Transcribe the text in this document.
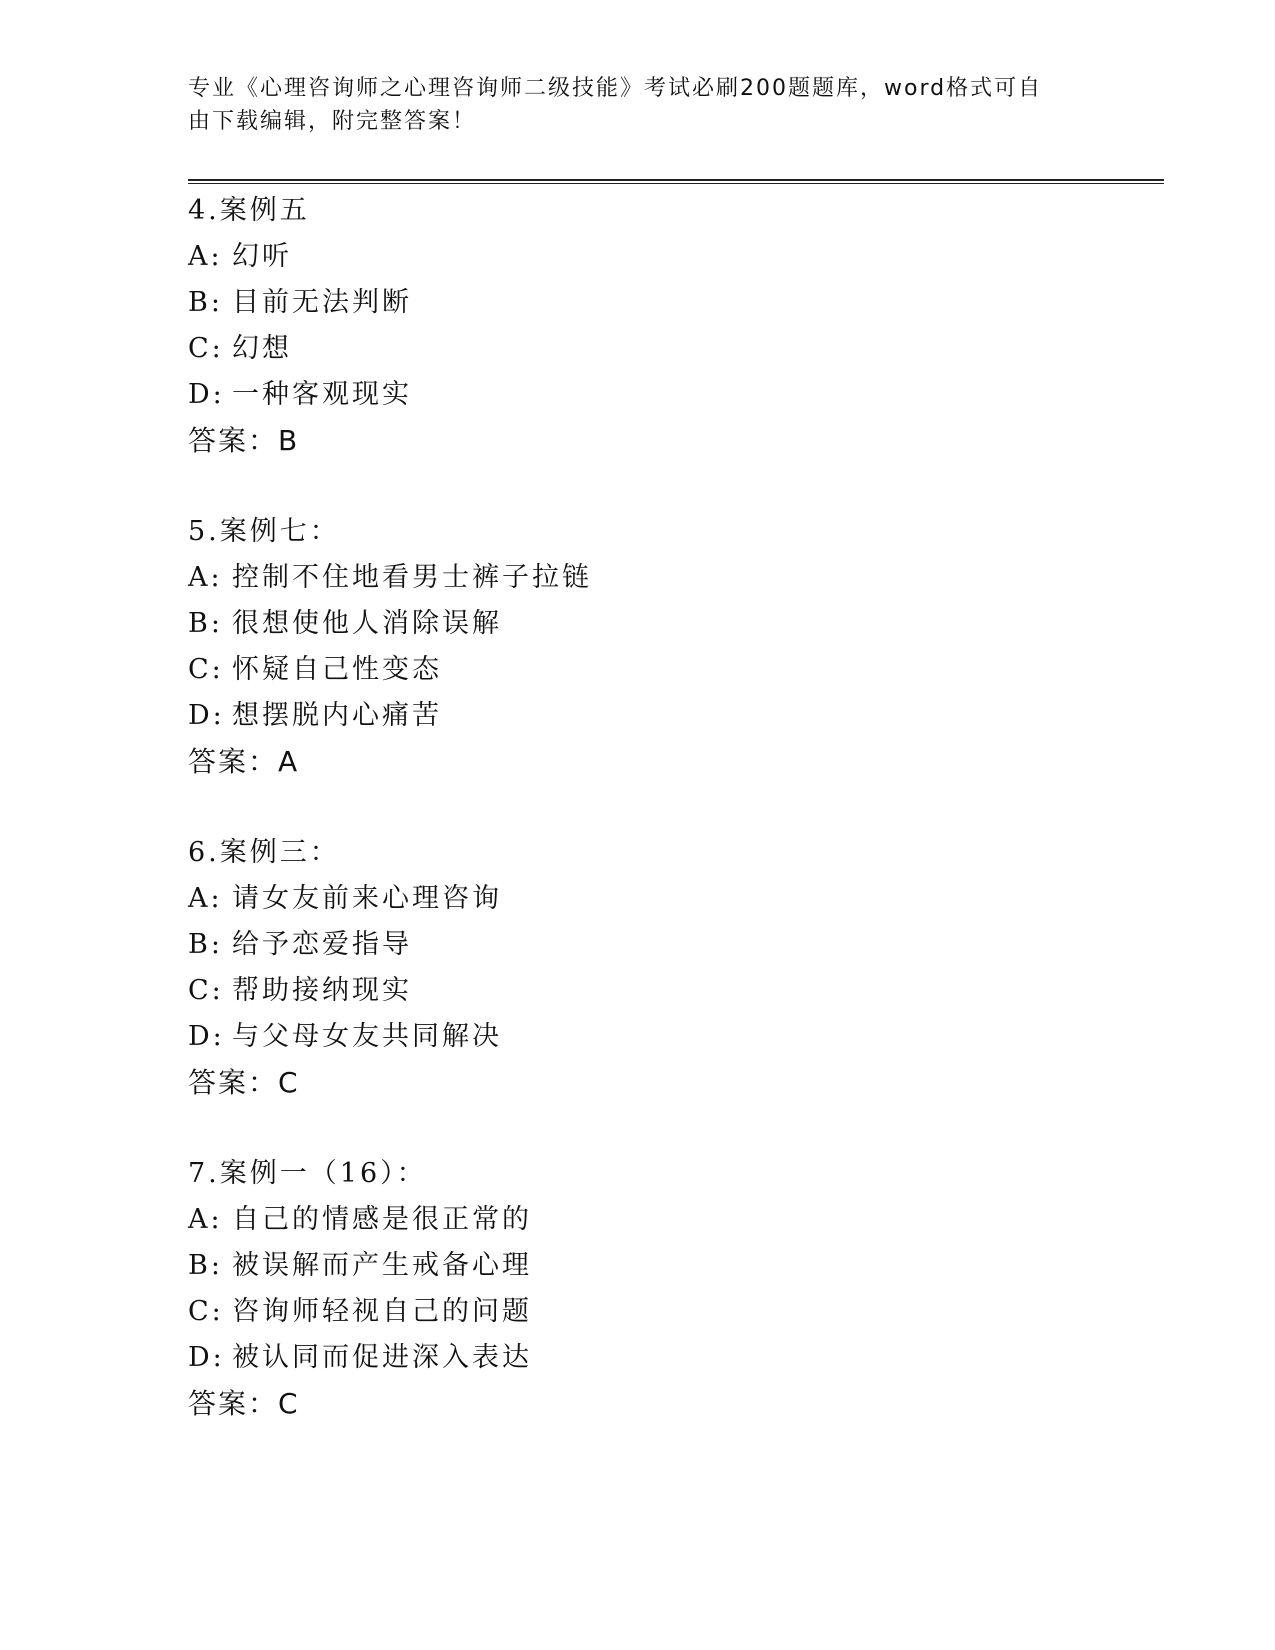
专业《心理咨询师之心理咨询师二级技能》考试必刷200题题库，word格式可自
由下载编辑，附完整答案！
4.案例五
A: 幻听
B: 目前无法判断
C: 幻想
D: 一种客观现实
答案：B
5.案例七：
A: 控制不住地看男士裤子拉链
B: 很想使他人消除误解
C: 怀疑自己性变态
D: 想摆脱内心痛苦
答案：A
6.案例三：
A: 请女友前来心理咨询
B: 给予恋爱指导
C: 帮助接纳现实
D: 与父母女友共同解决
答案：C
7.案例一（16）：
A: 自己的情感是很正常的
B: 被误解而产生戒备心理
C: 咨询师轻视自己的问题
D: 被认同而促进深入表达
答案：C
